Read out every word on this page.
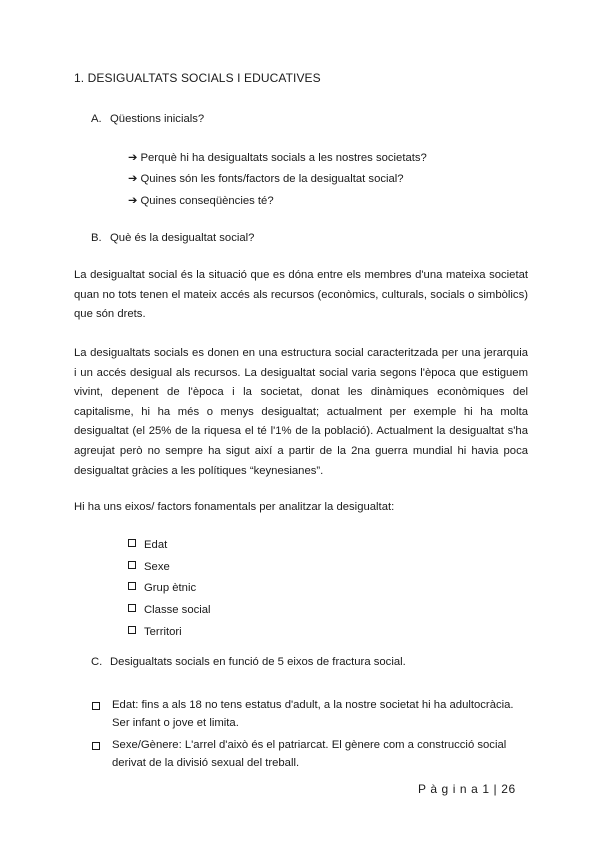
1. DESIGUALTATS SOCIALS I EDUCATIVES
A. Qüestions inicials?
➔ Perquè hi ha desigualtats socials a les nostres societats?
➔ Quines són les fonts/factors de la desigualtat social?
➔ Quines conseqüències té?
B. Què és la desigualtat social?

La desigualtat social és la situació que es dóna entre els membres d'una mateixa societat quan no tots tenen el mateix accés als recursos (econòmics, culturals, socials o simbòlics) que són drets.

La desigualtats socials es donen en una estructura social caracteritzada per una jerarquia i un accés desigual als recursos. La desigualtat social varia segons l'època que estiguem vivint, depenent de l'època i la societat, donat les dinàmiques econòmiques del capitalisme, hi ha més o menys desigualtat; actualment per exemple hi ha molta desigualtat (el 25% de la riquesa el té l'1% de la població). Actualment la desigualtat s'ha agreujat però no sempre ha sigut així a partir de la 2na guerra mundial hi havia poca desigualtat gràcies a les polítiques “keynesianes”.

Hi ha uns eixos/ factors fonamentals per analitzar la desigualtat:

Edat
Sexe
Grup ètnic
Classe social
Territori
C. Desigualtats socials en funció de 5 eixos de fractura social.
Edat: fins a als 18 no tens estatus d'adult, a la nostre societat hi ha adultocràcia. Ser infant o jove et limita.
Sexe/Gènere: L'arrel d'això és el patriarcat. El gènere com a construcció social derivat de la divisió sexual del treball.
P à g i n a 1 | 26
